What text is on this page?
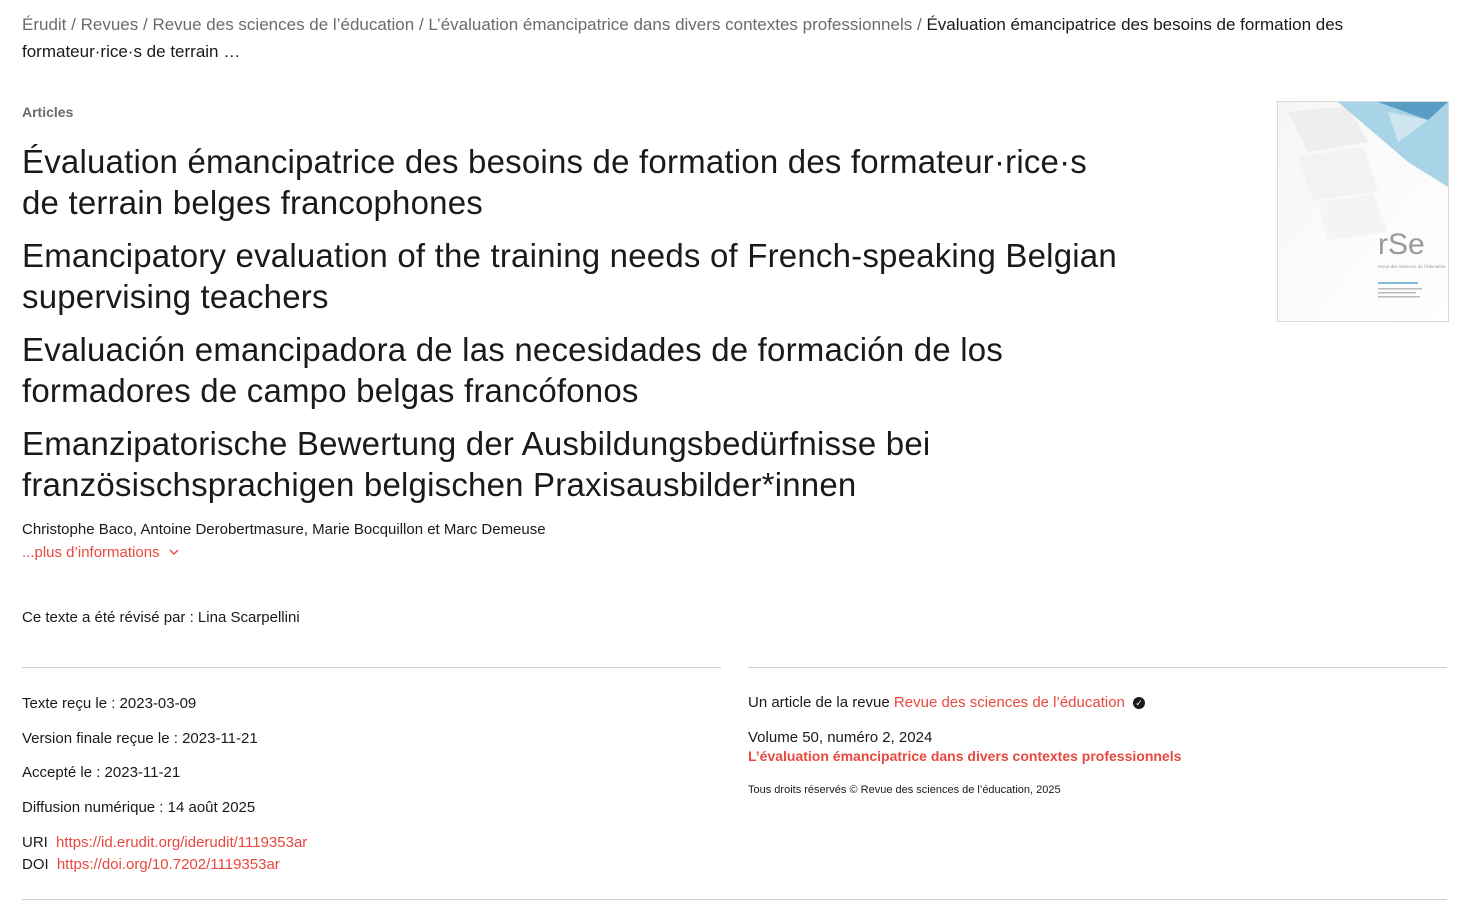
Érudit / Revues / Revue des sciences de l’éducation / L’évaluation émancipatrice dans divers contextes professionnels / Évaluation émancipatrice des besoins de formation des formateur·rice·s de terrain …
Articles
Évaluation émancipatrice des besoins de formation des formateur·rice·s de terrain belges francophones
Emancipatory evaluation of the training needs of French-speaking Belgian supervising teachers
Evaluación emancipadora de las necesidades de formación de los formadores de campo belgas francófonos
Emanzipatorische Bewertung der Ausbildungsbedürfnisse bei französischsprachigen belgischen Praxisausbilder*innen
rSe
revue des sciences de l’éducation
Christophe Baco, Antoine Derobertmasure, Marie Bocquillon et Marc Demeuse
...plus d’informations
Ce texte a été révisé par : Lina Scarpellini
Texte reçu le : 2023-03-09
Version finale reçue le : 2023-11-21
Accepté le : 2023-11-21
Diffusion numérique : 14 août 2025
URI https://id.erudit.org/iderudit/1119353ar
DOI https://doi.org/10.7202/1119353ar
Un article de la revue Revue des sciences de l’éducation ✓
Volume 50, numéro 2, 2024
L’évaluation émancipatrice dans divers contextes professionnels
Tous droits réservés © Revue des sciences de l’éducation, 2025
